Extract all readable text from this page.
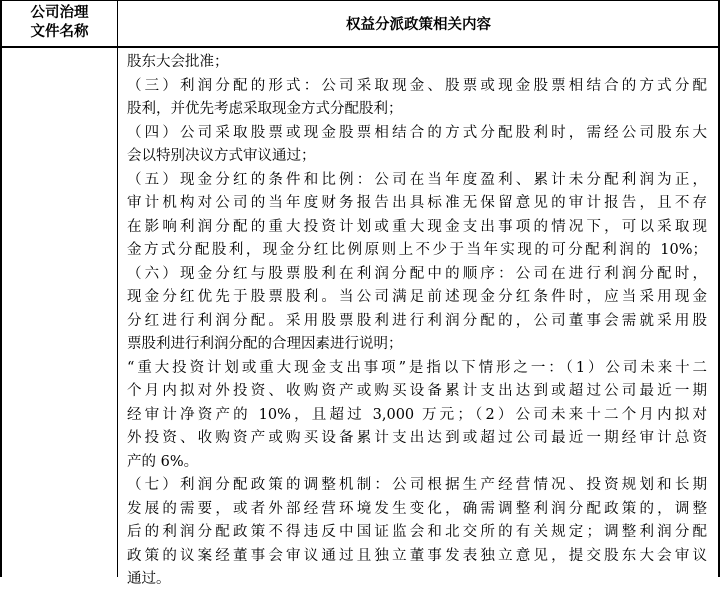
公司治理
文件名称	权益分派政策相关内容
股东大会批准；
（三）利润分配的形式：公司采取现金、股票或现金股票相结合的方式分配
股利，并优先考虑采取现金方式分配股利；
（四）公司采取股票或现金股票相结合的方式分配股利时，需经公司股东大
会以特别决议方式审议通过；
（五）现金分红的条件和比例：公司在当年度盈利、累计未分配利润为正，
审计机构对公司的当年度财务报告出具标准无保留意见的审计报告，且不存
在影响利润分配的重大投资计划或重大现金支出事项的情况下，可以采取现
金方式分配股利，现金分红比例原则上不少于当年实现的可分配利润的 10%；
（六）现金分红与股票股利在利润分配中的顺序：公司在进行利润分配时，
现金分红优先于股票股利。当公司满足前述现金分红条件时，应当采用现金
分红进行利润分配。采用股票股利进行利润分配的，公司董事会需就采用股
票股利进行利润分配的合理因素进行说明；
“重大投资计划或重大现金支出事项”是指以下情形之一：（1）公司未来十二
个月内拟对外投资、收购资产或购买设备累计支出达到或超过公司最近一期
经审计净资产的 10%，且超过 3,000 万元；（2）公司未来十二个月内拟对
外投资、收购资产或购买设备累计支出达到或超过公司最近一期经审计总资
产的 6%。
（七）利润分配政策的调整机制：公司根据生产经营情况、投资规划和长期
发展的需要，或者外部经营环境发生变化，确需调整利润分配政策的，调整
后的利润分配政策不得违反中国证监会和北交所的有关规定；调整利润分配
政策的议案经董事会审议通过且独立董事发表独立意见，提交股东大会审议
通过。
